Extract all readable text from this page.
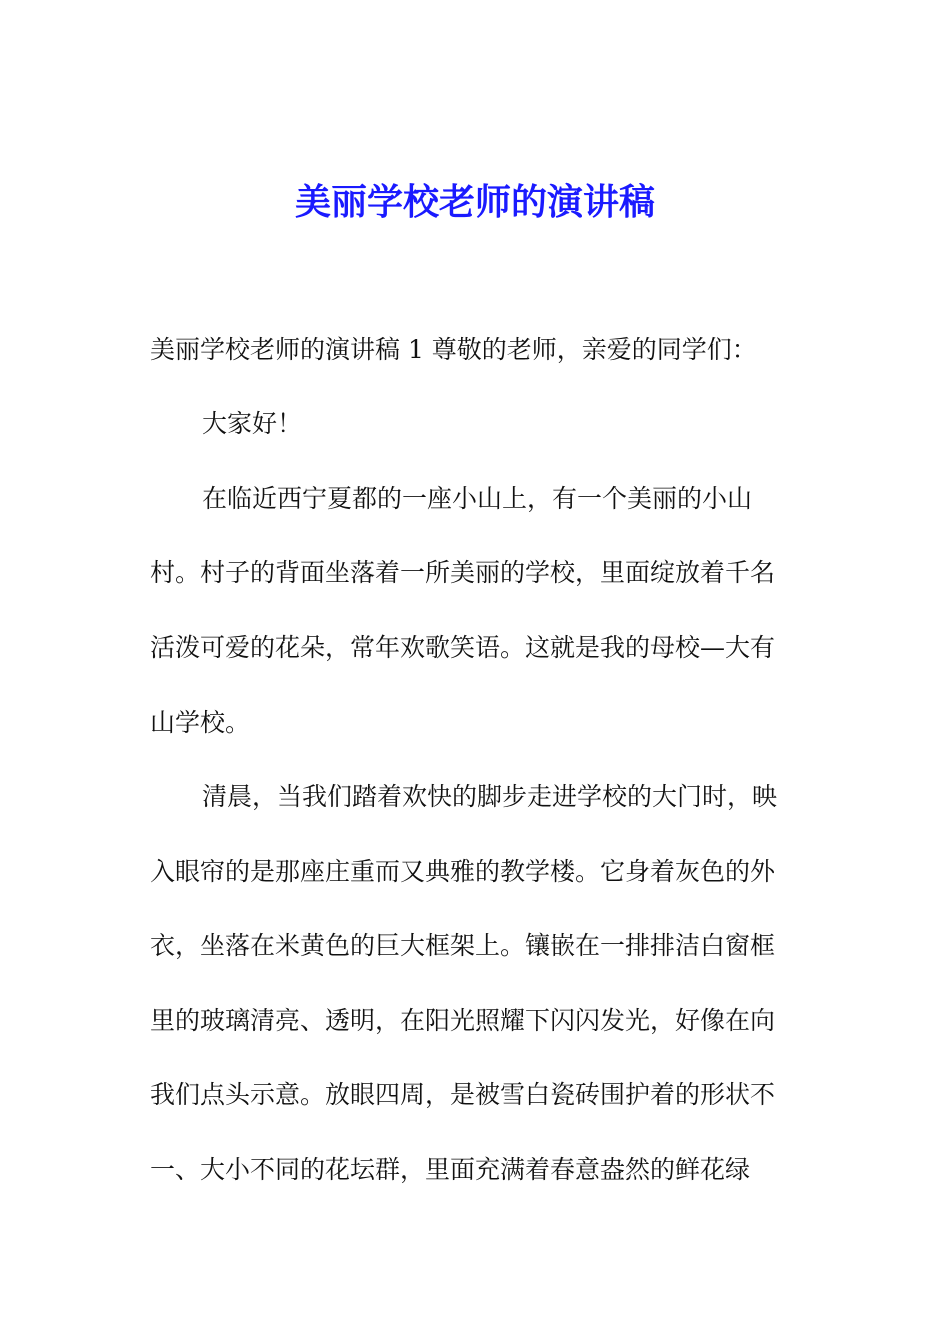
美丽学校老师的演讲稿
美丽学校老师的演讲稿 1 尊敬的老师，亲爱的同学们：
大家好！
在临近西宁夏都的一座小山上，有一个美丽的小山
村。村子的背面坐落着一所美丽的学校，里面绽放着千名
活泼可爱的花朵，常年欢歌笑语。这就是我的母校—大有
山学校。
清晨，当我们踏着欢快的脚步走进学校的大门时，映
入眼帘的是那座庄重而又典雅的教学楼。它身着灰色的外
衣，坐落在米黄色的巨大框架上。镶嵌在一排排洁白窗框
里的玻璃清亮、透明，在阳光照耀下闪闪发光，好像在向
我们点头示意。放眼四周，是被雪白瓷砖围护着的形状不
一、大小不同的花坛群，里面充满着春意盎然的鲜花绿
